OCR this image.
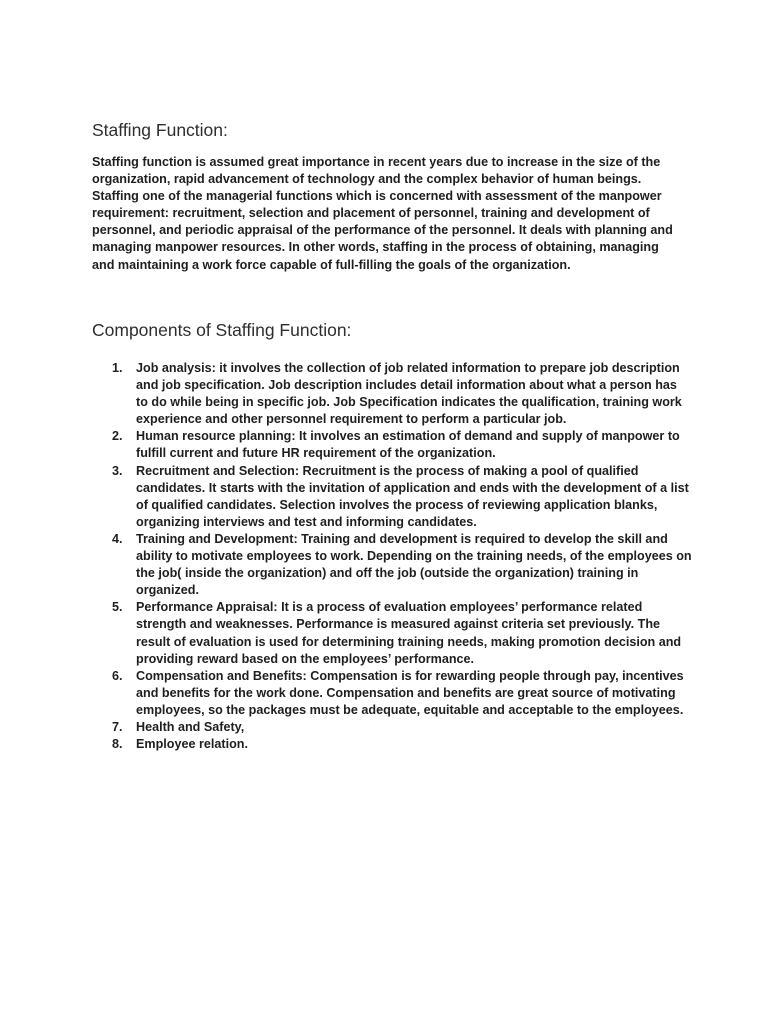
Staffing Function:

Staffing function is assumed great importance in recent years due to increase in the size of the organization, rapid advancement of technology and the complex behavior of human beings. Staffing one of the managerial functions which is concerned with assessment of the manpower requirement: recruitment, selection and placement of personnel, training and development of personnel, and periodic appraisal of the performance of the personnel. It deals with planning and managing manpower resources. In other words, staffing in the process of obtaining, managing and maintaining a work force capable of full-filling the goals of the organization.

Components of Staffing Function:
1. Job analysis: it involves the collection of job related information to prepare job description and job specification. Job description includes detail information about what a person has to do while being in specific job. Job Specification indicates the qualification, training work experience and other personnel requirement to perform a particular job.
2. Human resource planning: It involves an estimation of demand and supply of manpower to fulfill current and future HR requirement of the organization.
3. Recruitment and Selection: Recruitment is the process of making a pool of qualified candidates. It starts with the invitation of application and ends with the development of a list of qualified candidates. Selection involves the process of reviewing application blanks, organizing interviews and test and informing candidates.
4. Training and Development: Training and development is required to develop the skill and ability to motivate employees to work. Depending on the training needs, of the employees on the job( inside the organization) and off the job (outside the organization) training in organized.
5. Performance Appraisal: It is a process of evaluation employees’ performance related strength and weaknesses. Performance is measured against criteria set previously. The result of evaluation is used for determining training needs, making promotion decision and providing reward based on the employees’ performance.
6. Compensation and Benefits: Compensation is for rewarding people through pay, incentives and benefits for the work done. Compensation and benefits are great source of motivating employees, so the packages must be adequate, equitable and acceptable to the employees.
7. Health and Safety,
8. Employee relation.
